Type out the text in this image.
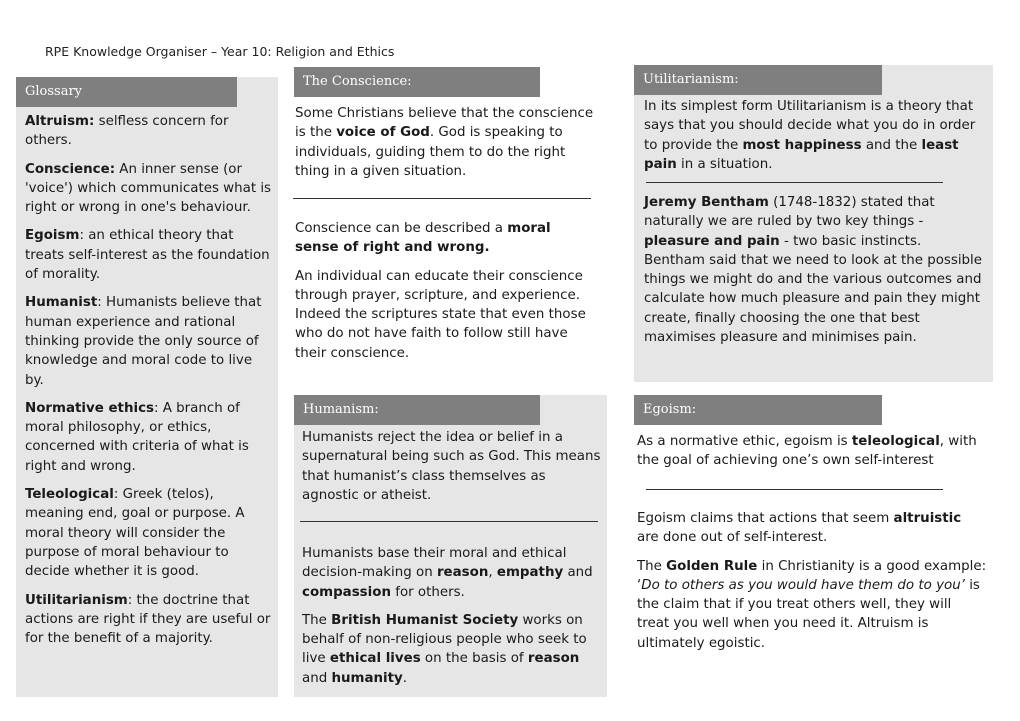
RPE Knowledge Organiser – Year 10: Religion and Ethics
Glossary

Altruism: selfless concern for others.

Conscience: An inner sense (or 'voice') which communicates what is right or wrong in one's behaviour.

Egoism: an ethical theory that treats self-interest as the foundation of morality.

Humanist: Humanists believe that human experience and rational thinking provide the only source of knowledge and moral code to live by.

Normative ethics: A branch of moral philosophy, or ethics, concerned with criteria of what is right and wrong.

Teleological: Greek (telos), meaning end, goal or purpose. A moral theory will consider the purpose of moral behaviour to decide whether it is good.

Utilitarianism: the doctrine that actions are right if they are useful or for the benefit of a majority.

The Conscience:

Some Christians believe that the conscience is the voice of God. God is speaking to individuals, guiding them to do the right thing in a given situation.

Conscience can be described a moral sense of right and wrong.

An individual can educate their conscience through prayer, scripture, and experience. Indeed the scriptures state that even those who do not have faith to follow still have their conscience.

Utilitarianism:

In its simplest form Utilitarianism is a theory that says that you should decide what you do in order to provide the most happiness and the least pain in a situation.

Jeremy Bentham (1748-1832) stated that naturally we are ruled by two key things - pleasure and pain - two basic instincts. Bentham said that we need to look at the possible things we might do and the various outcomes and calculate how much pleasure and pain they might create, finally choosing the one that best maximises pleasure and minimises pain.

Humanism:

Humanists reject the idea or belief in a supernatural being such as God. This means that humanist’s class themselves as agnostic or atheist.

Humanists base their moral and ethical decision-making on reason, empathy and compassion for others.

The British Humanist Society works on behalf of non-religious people who seek to live ethical lives on the basis of reason and humanity.

Egoism:

As a normative ethic, egoism is teleological, with the goal of achieving one’s own self-interest

Egoism claims that actions that seem altruistic are done out of self-interest.

The Golden Rule in Christianity is a good example: ‘Do to others as you would have them do to you’ is the claim that if you treat others well, they will treat you well when you need it. Altruism is ultimately egoistic.
